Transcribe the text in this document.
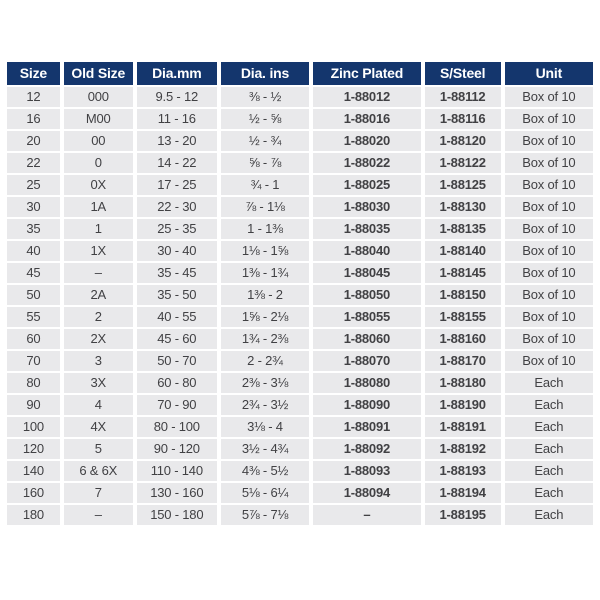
Size	Old Size	Dia.mm	Dia. ins	Zinc Plated	S/Steel	Unit
12	000	9.5 - 12	⅜ - ½	1-88012	1-88112	Box of 10
16	M00	11 - 16	½ - ⅝	1-88016	1-88116	Box of 10
20	00	13 - 20	½ - ¾	1-88020	1-88120	Box of 10
22	0	14 - 22	⅝ - ⅞	1-88022	1-88122	Box of 10
25	0X	17 - 25	¾ - 1	1-88025	1-88125	Box of 10
30	1A	22 - 30	⅞ - 1⅛	1-88030	1-88130	Box of 10
35	1	25 - 35	1 - 1⅜	1-88035	1-88135	Box of 10
40	1X	30 - 40	1⅛ - 1⅝	1-88040	1-88140	Box of 10
45	–	35 - 45	1⅜ - 1¾	1-88045	1-88145	Box of 10
50	2A	35 - 50	1⅜ - 2	1-88050	1-88150	Box of 10
55	2	40 - 55	1⅝ - 2⅛	1-88055	1-88155	Box of 10
60	2X	45 - 60	1¾ - 2⅜	1-88060	1-88160	Box of 10
70	3	50 - 70	2 - 2¾	1-88070	1-88170	Box of 10
80	3X	60 - 80	2⅜ - 3⅛	1-88080	1-88180	Each
90	4	70 - 90	2¾ - 3½	1-88090	1-88190	Each
100	4X	80 - 100	3⅛ - 4	1-88091	1-88191	Each
120	5	90 - 120	3½ - 4¾	1-88092	1-88192	Each
140	6 & 6X	110 - 140	4⅜ - 5½	1-88093	1-88193	Each
160	7	130 - 160	5⅛ - 6¼	1-88094	1-88194	Each
180	–	150 - 180	5⅞ - 7⅛	–	1-88195	Each
